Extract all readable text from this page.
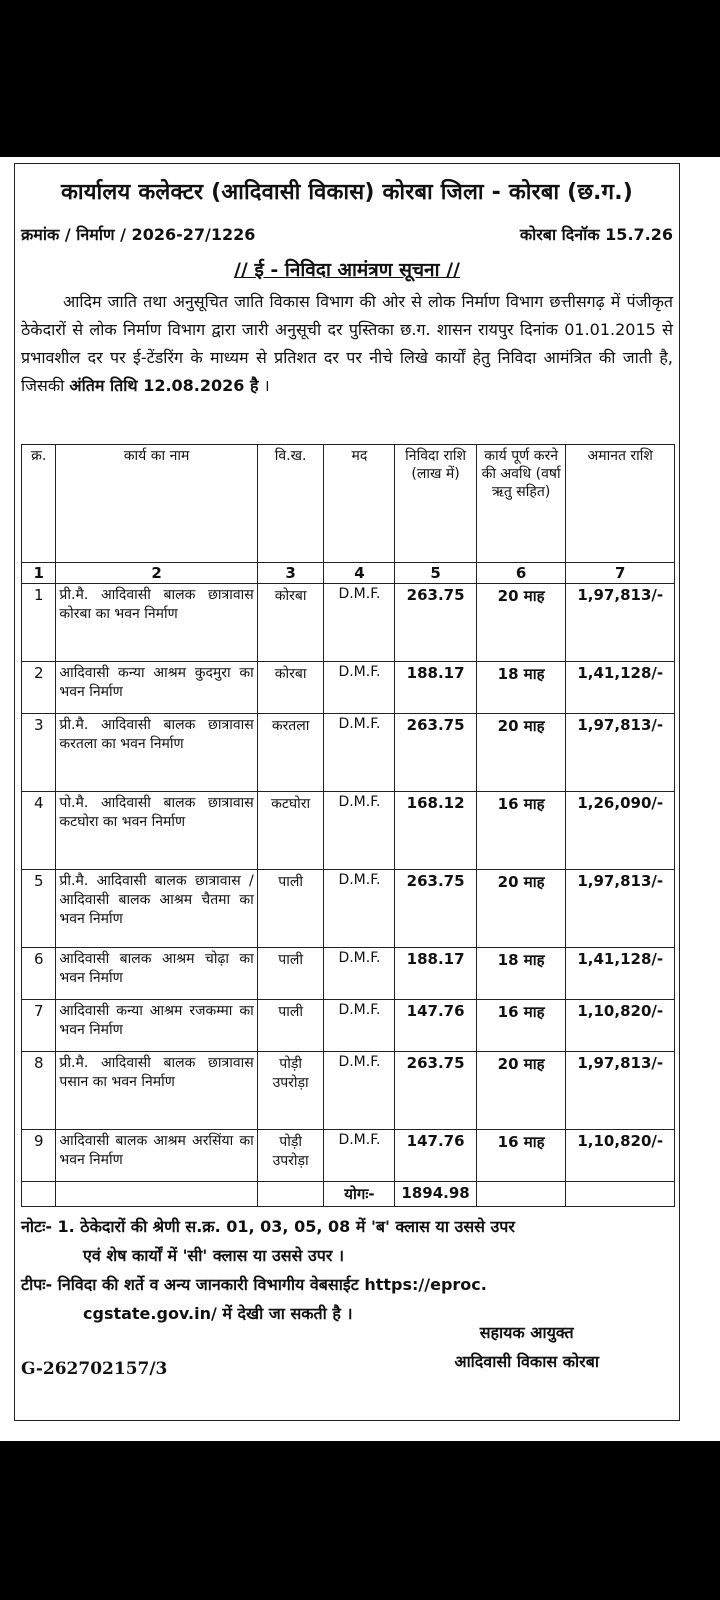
कार्यालय कलेक्टर (आदिवासी विकास) कोरबा जिला - कोरबा (छ.ग.)
क्रमांक / निर्माण / 2026-27/1226	कोरबा दिनॉक 15.7.26
// ई - निविदा आमंत्रण सूचना //
आदिम जाति तथा अनुसूचित जाति विकास विभाग की ओर से लोक निर्माण विभाग छत्तीसगढ़ में पंजीकृत ठेकेदारों से लोक निर्माण विभाग द्वारा जारी अनुसूची दर पुस्तिका छ.ग. शासन रायपुर दिनांक 01.01.2015 से प्रभावशील दर पर ई-टेंडरिंग के माध्यम से प्रतिशत दर पर नीचे लिखे कार्यों हेतु निविदा आमंत्रित की जाती है, जिसकी अंतिम तिथि 12.08.2026 है ।
क्र.	कार्य का नाम	वि.ख.	मद	निविदा राशि (लाख में)	कार्य पूर्ण करने की अवधि (वर्षा ऋतु सहित)	अमानत राशि
1	2	3	4	5	6	7
1	प्री.मै. आदिवासी बालक छात्रावास कोरबा का भवन निर्माण	कोरबा	D.M.F.	263.75	20 माह	1,97,813/-
2	आदिवासी कन्या आश्रम कुदमुरा का भवन निर्माण	कोरबा	D.M.F.	188.17	18 माह	1,41,128/-
3	प्री.मै. आदिवासी बालक छात्रावास करतला का भवन निर्माण	करतला	D.M.F.	263.75	20 माह	1,97,813/-
4	पो.मै. आदिवासी बालक छात्रावास कटघोरा का भवन निर्माण	कटघोरा	D.M.F.	168.12	16 माह	1,26,090/-
5	प्री.मै. आदिवासी बालक छात्रावास / आदिवासी बालक आश्रम चैतमा का भवन निर्माण	पाली	D.M.F.	263.75	20 माह	1,97,813/-
6	आदिवासी बालक आश्रम चोढ़ा का भवन निर्माण	पाली	D.M.F.	188.17	18 माह	1,41,128/-
7	आदिवासी कन्या आश्रम रजकम्मा का भवन निर्माण	पाली	D.M.F.	147.76	16 माह	1,10,820/-
8	प्री.मै. आदिवासी बालक छात्रावास पसान का भवन निर्माण	पोड़ी उपरोड़ा	D.M.F.	263.75	20 माह	1,97,813/-
9	आदिवासी बालक आश्रम अरसिंया का भवन निर्माण	पोड़ी उपरोड़ा	D.M.F.	147.76	16 माह	1,10,820/-
			योगः-	1894.98		
नोटः- 1. ठेकेदारों की श्रेणी स.क्र. 01, 03, 05, 08 में 'ब' क्लास या उससे उपर
एवं शेष कार्यों में 'सी' क्लास या उससे उपर ।
टीपः- निविदा की शर्ते व अन्य जानकारी विभागीय वेबसाईट https://eproc.
cgstate.gov.in/ में देखी जा सकती है ।
सहायक आयुक्त
आदिवासी विकास कोरबा
G-262702157/3
